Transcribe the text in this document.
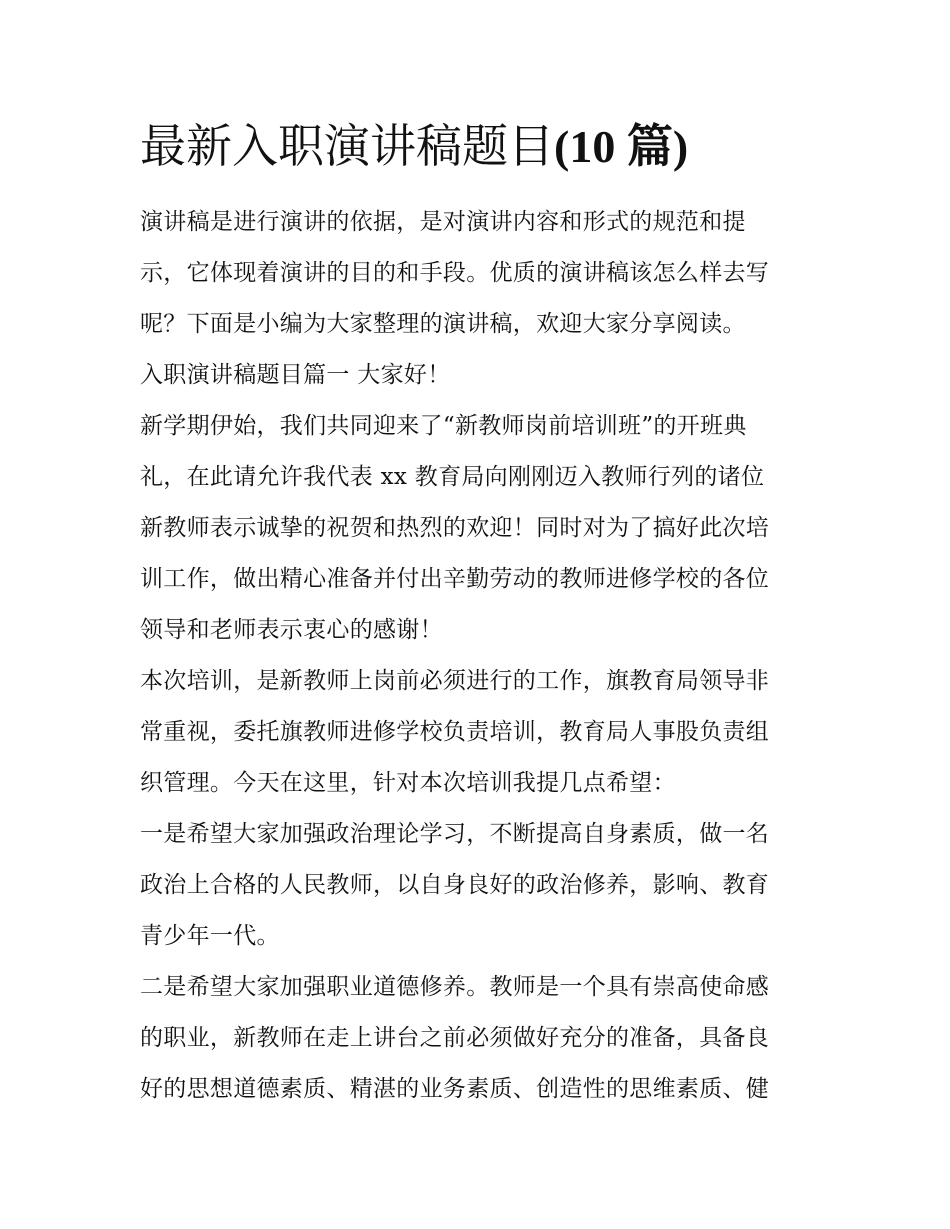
最新入职演讲稿题目(10 篇)
演讲稿是进行演讲的依据，是对演讲内容和形式的规范和提
示，它体现着演讲的目的和手段。优质的演讲稿该怎么样去写
呢？下面是小编为大家整理的演讲稿，欢迎大家分享阅读。
入职演讲稿题目篇一 大家好！
新学期伊始，我们共同迎来了“新教师岗前培训班”的开班典
礼，在此请允许我代表 xx 教育局向刚刚迈入教师行列的诸位
新教师表示诚挚的祝贺和热烈的欢迎！同时对为了搞好此次培
训工作，做出精心准备并付出辛勤劳动的教师进修学校的各位
领导和老师表示衷心的感谢！
本次培训，是新教师上岗前必须进行的工作，旗教育局领导非
常重视，委托旗教师进修学校负责培训，教育局人事股负责组
织管理。今天在这里，针对本次培训我提几点希望：
一是希望大家加强政治理论学习，不断提高自身素质，做一名
政治上合格的人民教师，以自身良好的政治修养，影响、教育
青少年一代。
二是希望大家加强职业道德修养。教师是一个具有崇高使命感
的职业，新教师在走上讲台之前必须做好充分的准备，具备良
好的思想道德素质、精湛的业务素质、创造性的思维素质、健
